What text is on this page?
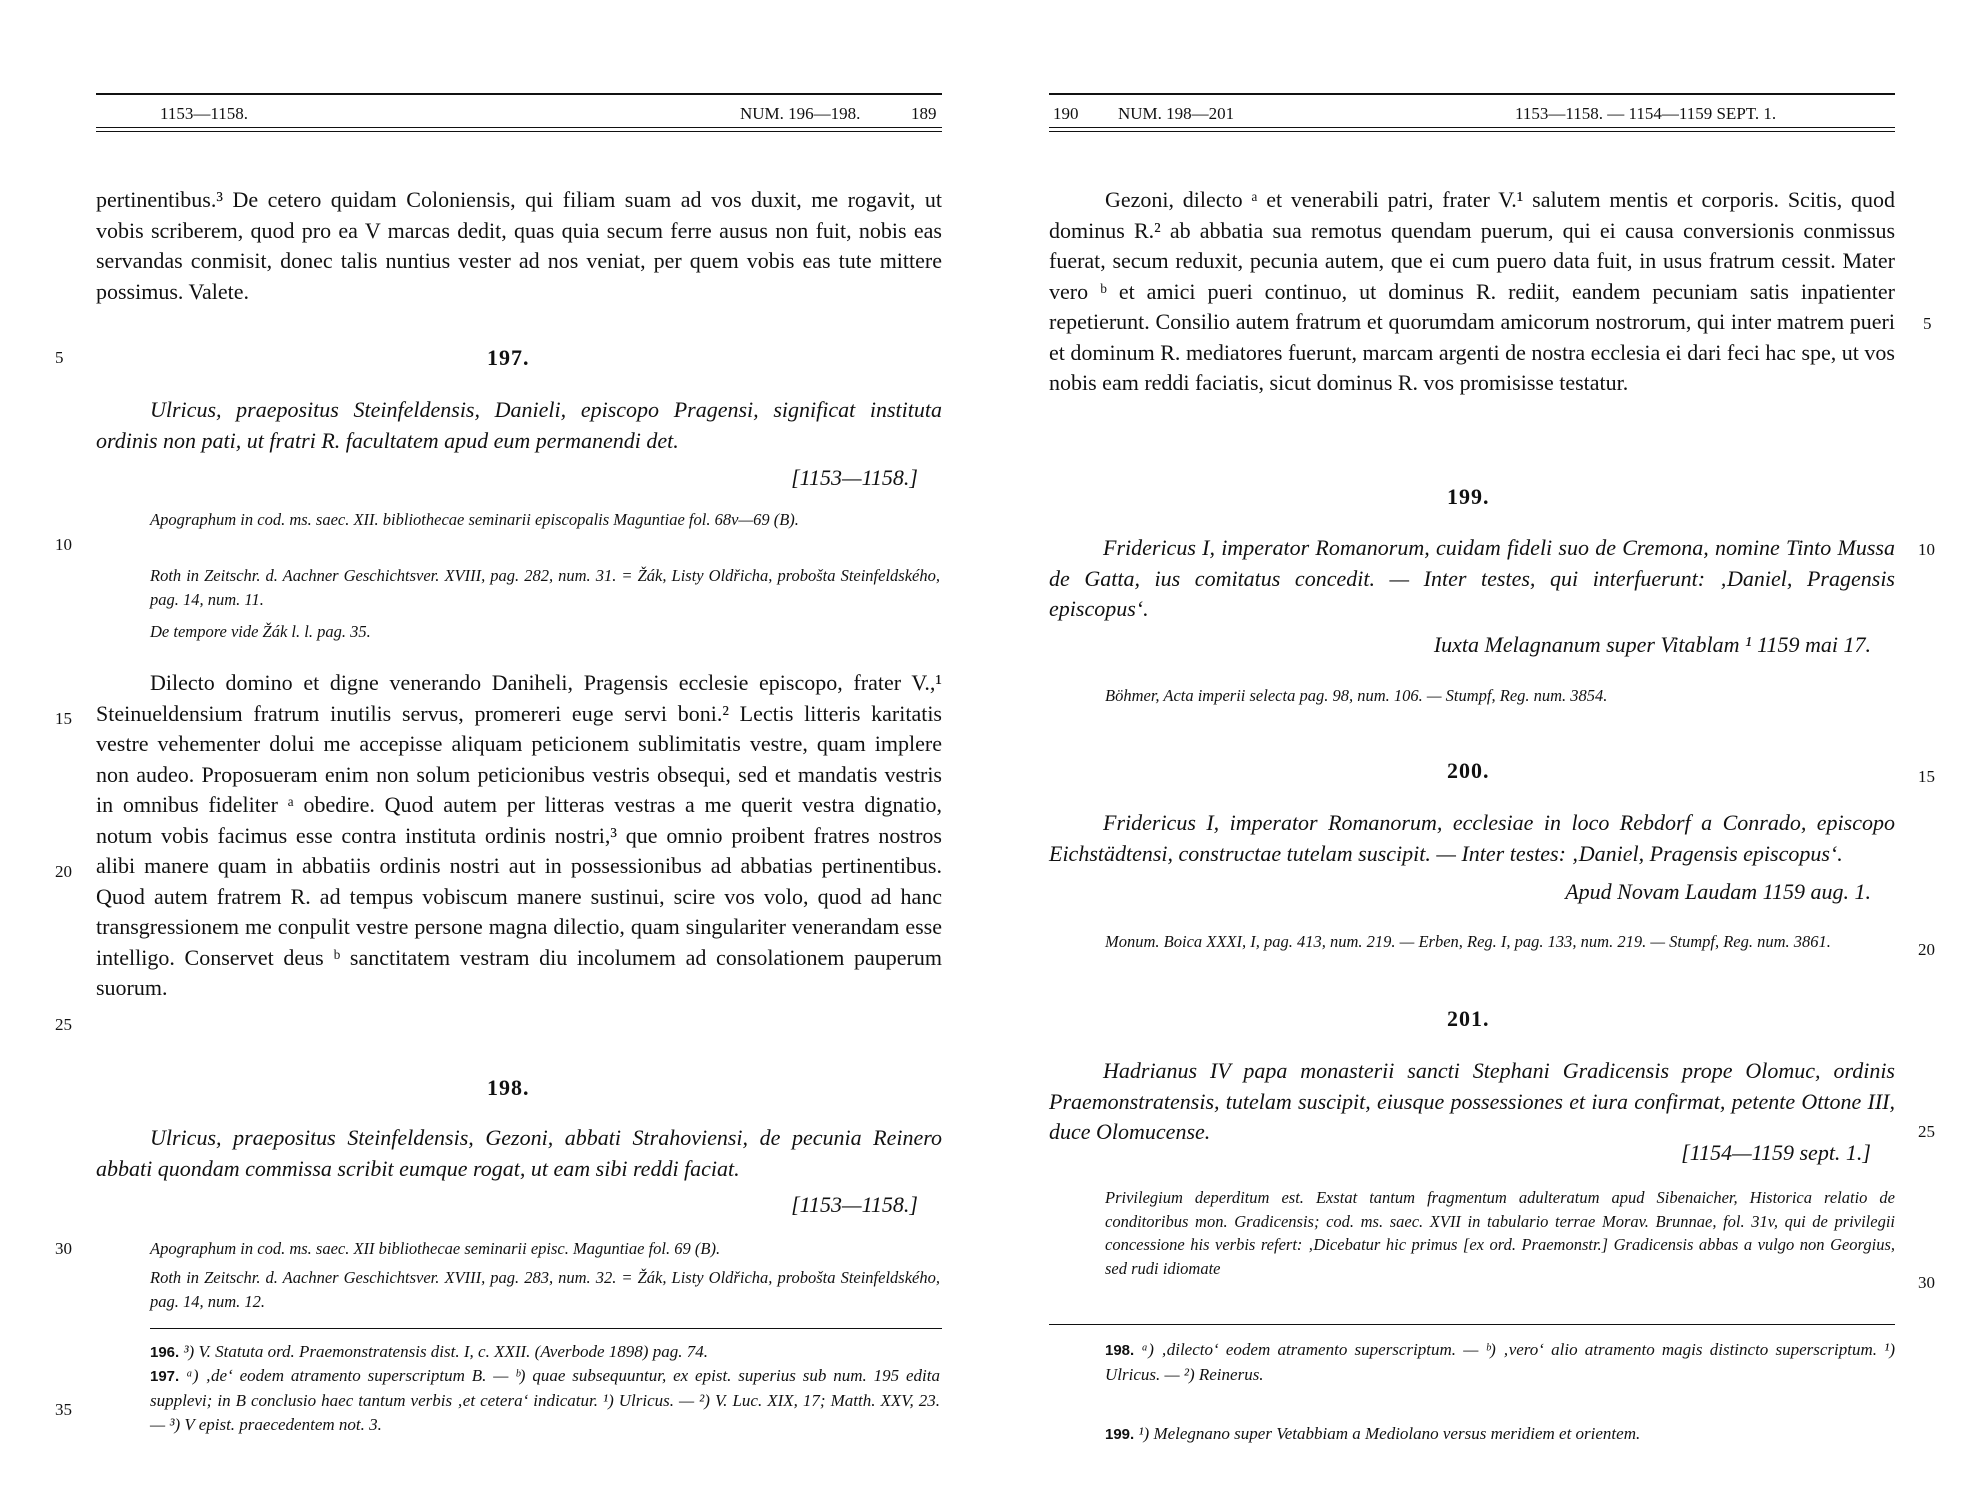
1153—1158.	NUM. 196—198.	189
pertinentibus.³ De cetero quidam Coloniensis, qui filiam suam ad vos duxit, me rogavit, ut vobis scriberem, quod pro ea V marcas dedit, quas quia secum ferre ausus non fuit, nobis eas servandas conmisit, donec talis nuntius vester ad nos veniat, per quem vobis eas tute mittere possimus. Valete.
197.
Ulricus, praepositus Steinfeldensis, Danieli, episcopo Pragensi, significat instituta ordinis non pati, ut fratri R. facultatem apud eum permanendi det.
[1153—1158.]
Apographum in cod. ms. saec. XII. bibliothecae seminarii episcopalis Maguntiae fol. 68v—69 (B).
Roth in Zeitschr. d. Aachner Geschichtsver. XVIII, pag. 282, num. 31. = Žák, Listy Oldřicha, probošta Steinfeldského, pag. 14, num. 11.
De tempore vide Žák l. l. pag. 35.
Dilecto domino et digne venerando Daniheli, Pragensis ecclesie episcopo, frater V.,¹ Steinueldensium fratrum inutilis servus, promereri euge servi boni.² Lectis litteris karitatis vestre vehementer dolui me accepisse aliquam peticionem sublimitatis vestre, quam implere non audeo. Proposueram enim non solum peticionibus vestris obsequi, sed et mandatis vestris in omnibus fideliter ᵃ obedire. Quod autem per litteras vestras a me querit vestra dignatio, notum vobis facimus esse contra instituta ordinis nostri,³ que omnio proibent fratres nostros alibi manere quam in abbatiis ordinis nostri aut in possessionibus ad abbatias pertinentibus. Quod autem fratrem R. ad tempus vobiscum manere sustinui, scire vos volo, quod ad hanc transgressionem me conpulit vestre persone magna dilectio, quam singulariter venerandam esse intelligo. Conservet deus ᵇ sanctitatem vestram diu incolumem ad consolationem pauperum suorum.
198.
Ulricus, praepositus Steinfeldensis, Gezoni, abbati Strahoviensi, de pecunia Reinero abbati quondam commissa scribit eumque rogat, ut eam sibi reddi faciat.
[1153—1158.]
Apographum in cod. ms. saec. XII bibliothecae seminarii episc. Maguntiae fol. 69 (B).
Roth in Zeitschr. d. Aachner Geschichtsver. XVIII, pag. 283, num. 32. = Žák, Listy Oldřicha, probošta Steinfeldského, pag. 14, num. 12.
196. ³) V. Statuta ord. Praemonstratensis dist. I, c. XXII. (Averbode 1898) pag. 74.
197. ᵃ) ‚de‘ eodem atramento superscriptum B. — ᵇ) quae subsequuntur, ex epist. superius sub num. 195 edita supplevi; in B conclusio haec tantum verbis ‚et cetera‘ indicatur. ¹) Ulricus. — ²) V. Luc. XIX, 17; Matth. XXV, 23. — ³) V epist. praecedentem not. 3.
5
10
15
20
25
30
35
190 NUM. 198—201	1153—1158. — 1154—1159 SEPT. 1.
Gezoni, dilecto ᵃ et venerabili patri, frater V.¹ salutem mentis et corporis. Scitis, quod dominus R.² ab abbatia sua remotus quendam puerum, qui ei causa conversionis conmissus fuerat, secum reduxit, pecunia autem, que ei cum puero data fuit, in usus fratrum cessit. Mater vero ᵇ et amici pueri continuo, ut dominus R. rediit, eandem pecuniam satis inpatienter repetierunt. Consilio autem fratrum et quorumdam amicorum nostrorum, qui inter matrem pueri et dominum R. mediatores fuerunt, marcam argenti de nostra ecclesia ei dari feci hac spe, ut vos nobis eam reddi faciatis, sicut dominus R. vos promisisse testatur.
199.
Fridericus I, imperator Romanorum, cuidam fideli suo de Cremona, nomine Tinto Mussa de Gatta, ius comitatus concedit. — Inter testes, qui interfuerunt: ‚Daniel, Pragensis episcopus‘.
Iuxta Melagnanum super Vitablam ¹ 1159 mai 17.
Böhmer, Acta imperii selecta pag. 98, num. 106. — Stumpf, Reg. num. 3854.
200.
Fridericus I, imperator Romanorum, ecclesiae in loco Rebdorf a Conrado, episcopo Eichstädtensi, constructae tutelam suscipit. — Inter testes: ‚Daniel, Pragensis episcopus‘.
Apud Novam Laudam 1159 aug. 1.
Monum. Boica XXXI, I, pag. 413, num. 219. — Erben, Reg. I, pag. 133, num. 219. — Stumpf, Reg. num. 3861.
201.
Hadrianus IV papa monasterii sancti Stephani Gradicensis prope Olomuc, ordinis Praemonstratensis, tutelam suscipit, eiusque possessiones et iura confirmat, petente Ottone III, duce Olomucense.
[1154—1159 sept. 1.]
Privilegium deperditum est. Exstat tantum fragmentum adulteratum apud Sibenaicher, Historica relatio de conditoribus mon. Gradicensis; cod. ms. saec. XVII in tabulario terrae Morav. Brunnae, fol. 31v, qui de privilegii concessione his verbis refert: ‚Dicebatur hic primus [ex ord. Praemonstr.] Gradicensis abbas a vulgo non Georgius, sed rudi idiomate
198. ᵃ) ‚dilecto‘ eodem atramento superscriptum. — ᵇ) ‚vero‘ alio atramento magis distincto superscriptum. ¹) Ulricus. — ²) Reinerus.
199. ¹) Melegnano super Vetabbiam a Mediolano versus meridiem et orientem.
5
10
15
20
25
30
